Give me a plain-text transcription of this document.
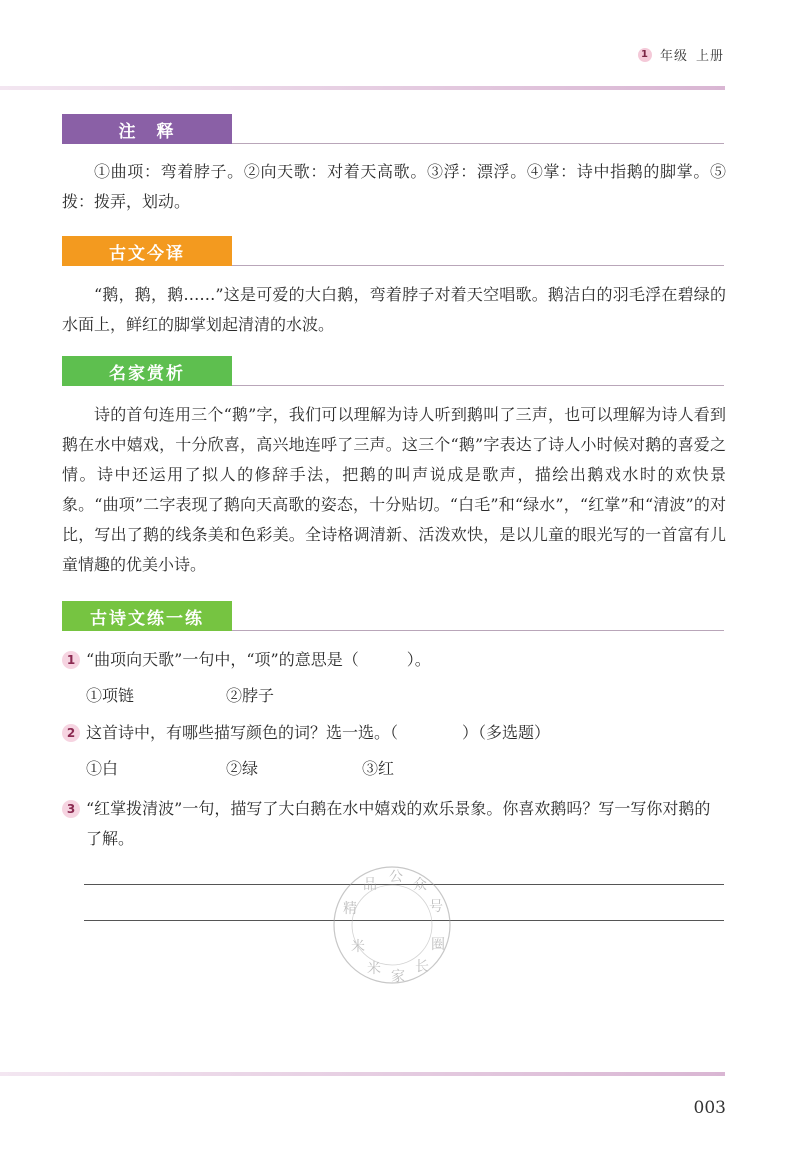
1 年级 上册
注　释
①曲项：弯着脖子。②向天歌：对着天高歌。③浮：漂浮。④掌：诗中指鹅的脚掌。⑤拨：拨弄，划动。
古文今译
“鹅，鹅，鹅……”这是可爱的大白鹅，弯着脖子对着天空唱歌。鹅洁白的羽毛浮在碧绿的水面上，鲜红的脚掌划起清清的水波。
名家赏析
诗的首句连用三个“鹅”字，我们可以理解为诗人听到鹅叫了三声，也可以理解为诗人看到鹅在水中嬉戏，十分欣喜，高兴地连呼了三声。这三个“鹅”字表达了诗人小时候对鹅的喜爱之情。诗中还运用了拟人的修辞手法，把鹅的叫声说成是歌声，描绘出鹅戏水时的欢快景象。“曲项”二字表现了鹅向天高歌的姿态，十分贴切。“白毛”和“绿水”，“红掌”和“清波”的对比，写出了鹅的线条美和色彩美。全诗格调清新、活泼欢快，是以儿童的眼光写的一首富有儿童情趣的优美小诗。
古诗文练一练
1 “曲项向天歌”一句中，“项”的意思是（　　　）。
①项链	②脖子
2 这首诗中，有哪些描写颜色的词？选一选。（　　　　）（多选题）
①白	②绿	③红
3 “红掌拨清波”一句，描写了大白鹅在水中嬉戏的欢乐景象。你喜欢鹅吗？写一写你对鹅的了解。
精
品 公 众
号
米
米 家
长
圈
003
